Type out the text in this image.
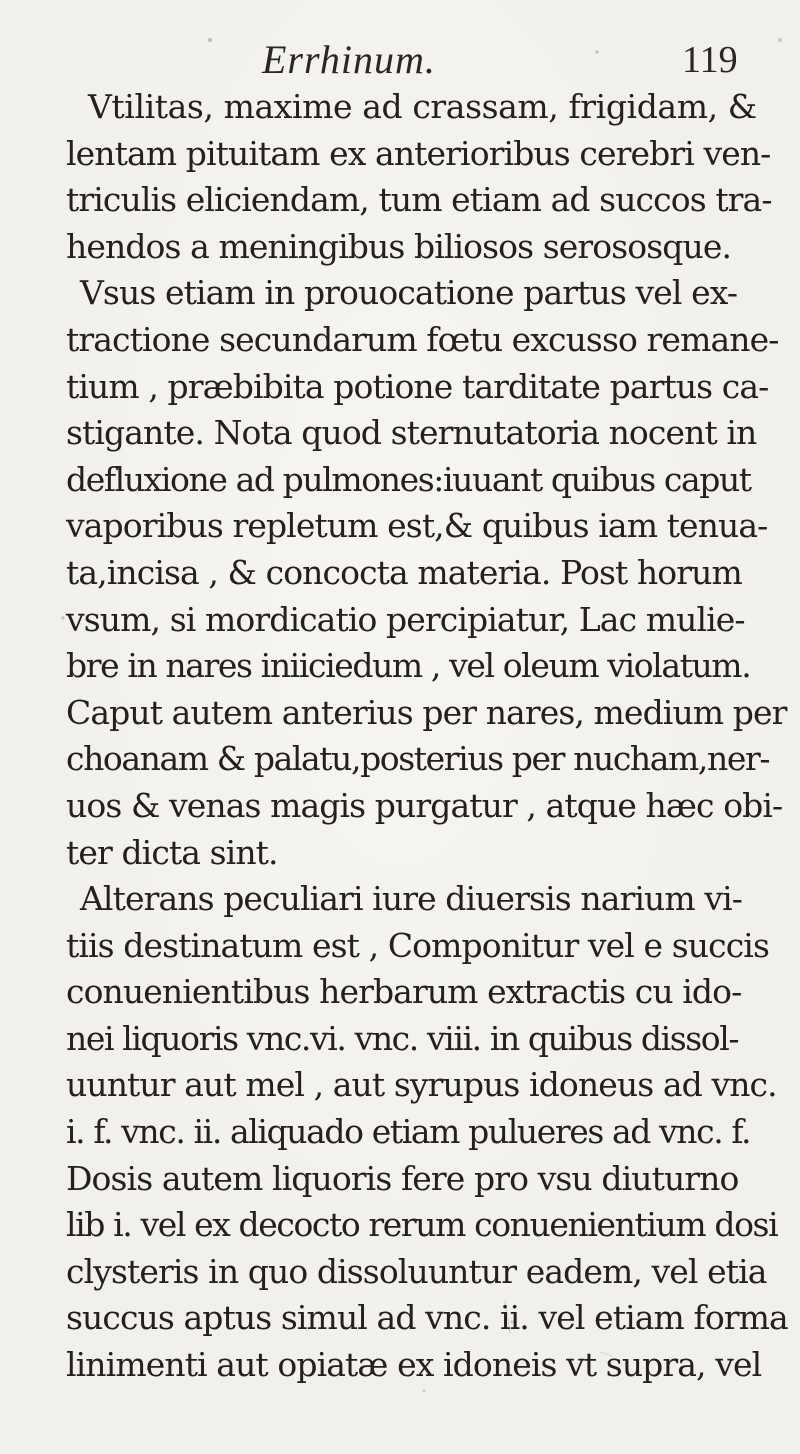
Errhinum.	119
Vtilitas, maxime ad crassam, frigidam, &
lentam pituitam ex anterioribus cerebri ven-
triculis eliciendam, tum etiam ad succos tra-
hendos a meningibus biliosos serososque.
Vsus etiam in prouocatione partus vel ex-
tractione secundarum fœtu excusso remane-
tium , præbibita potione tarditate partus ca-
stigante. Nota quod sternutatoria nocent in
defluxione ad pulmones:iuuant quibus caput
vaporibus repletum est,& quibus iam tenua-
ta,incisa , & concocta materia. Post horum
vsum, si mordicatio percipiatur, Lac mulie-
bre in nares iniiciedum , vel oleum violatum.
Caput autem anterius per nares, medium per
choanam & palatu,posterius per nucham,ner-
uos & venas magis purgatur , atque hæc obi-
ter dicta sint.
Alterans peculiari iure diuersis narium vi-
tiis destinatum est , Componitur vel e succis
conuenientibus herbarum extractis cu ido-
nei liquoris vnc.vi. vnc. viii. in quibus dissol-
uuntur aut mel , aut syrupus idoneus ad vnc.
i. f. vnc. ii. aliquado etiam pulueres ad vnc. f.
Dosis autem liquoris fere pro vsu diuturno
lib i. vel ex decocto rerum conuenientium dosi
clysteris in quo dissoluuntur eadem, vel etia
succus aptus simul ad vnc. ii. vel etiam forma
linimenti aut opiatæ ex idoneis vt supra, vel
